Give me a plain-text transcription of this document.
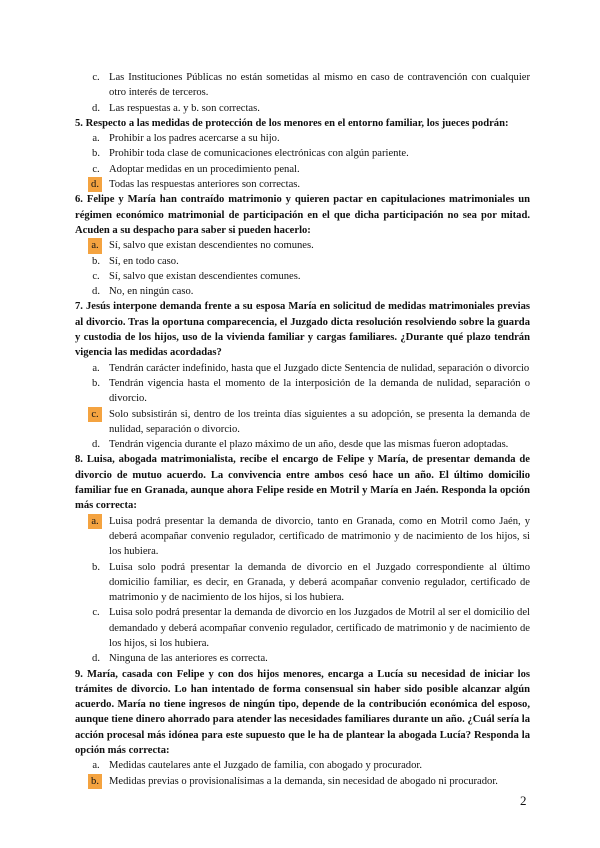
c. Las Instituciones Públicas no están sometidas al mismo en caso de contravención con cualquier otro interés de terceros.
d. Las respuestas a. y b. son correctas.

5. Respecto a las medidas de protección de los menores en el entorno familiar, los jueces podrán:

a. Prohibir a los padres acercarse a su hijo.
b. Prohibir toda clase de comunicaciones electrónicas con algún pariente.
c. Adoptar medidas en un procedimiento penal.
d. Todas las respuestas anteriores son correctas.

6. Felipe y María han contraído matrimonio y quieren pactar en capitulaciones matrimoniales un régimen económico matrimonial de participación en el que dicha participación no sea por mitad. Acuden a su despacho para saber si pueden hacerlo:

a. Sí, salvo que existan descendientes no comunes.
b. Sí, en todo caso.
c. Sí, salvo que existan descendientes comunes.
d. No, en ningún caso.

7. Jesús interpone demanda frente a su esposa María en solicitud de medidas matrimoniales previas al divorcio. Tras la oportuna comparecencia, el Juzgado dicta resolución resolviendo sobre la guarda y custodia de los hijos, uso de la vivienda familiar y cargas familiares. ¿Durante qué plazo tendrán vigencia las medidas acordadas?

a. Tendrán carácter indefinido, hasta que el Juzgado dicte Sentencia de nulidad, separación o divorcio
b. Tendrán vigencia hasta el momento de la interposición de la demanda de nulidad, separación o divorcio.
c. Solo subsistirán si, dentro de los treinta días siguientes a su adopción, se presenta la demanda de nulidad, separación o divorcio.
d. Tendrán vigencia durante el plazo máximo de un año, desde que las mismas fueron adoptadas.

8. Luisa, abogada matrimonialista, recibe el encargo de Felipe y María, de presentar demanda de divorcio de mutuo acuerdo. La convivencia entre ambos cesó hace un año. El último domicilio familiar fue en Granada, aunque ahora Felipe reside en Motril y María en Jaén. Responda la opción más correcta:

a. Luisa podrá presentar la demanda de divorcio, tanto en Granada, como en Motril como Jaén, y deberá acompañar convenio regulador, certificado de matrimonio y de nacimiento de los hijos, si los hubiera.
b. Luisa solo podrá presentar la demanda de divorcio en el Juzgado correspondiente al último domicilio familiar, es decir, en Granada, y deberá acompañar convenio regulador, certificado de matrimonio y de nacimiento de los hijos, si los hubiera.
c. Luisa solo podrá presentar la demanda de divorcio en los Juzgados de Motril al ser el domicilio del demandado y deberá acompañar convenio regulador, certificado de matrimonio y de nacimiento de los hijos, si los hubiera.
d. Ninguna de las anteriores es correcta.

9. María, casada con Felipe y con dos hijos menores, encarga a Lucía su necesidad de iniciar los trámites de divorcio. Lo han intentado de forma consensual sin haber sido posible alcanzar algún acuerdo. María no tiene ingresos de ningún tipo, depende de la contribución económica del esposo, aunque tiene dinero ahorrado para atender las necesidades familiares durante un año. ¿Cuál sería la acción procesal más idónea para este supuesto que le ha de plantear la abogada Lucía? Responda la opción más correcta:

a. Medidas cautelares ante el Juzgado de familia, con abogado y procurador.
b. Medidas previas o provisionalísimas a la demanda, sin necesidad de abogado ni procurador.
2
